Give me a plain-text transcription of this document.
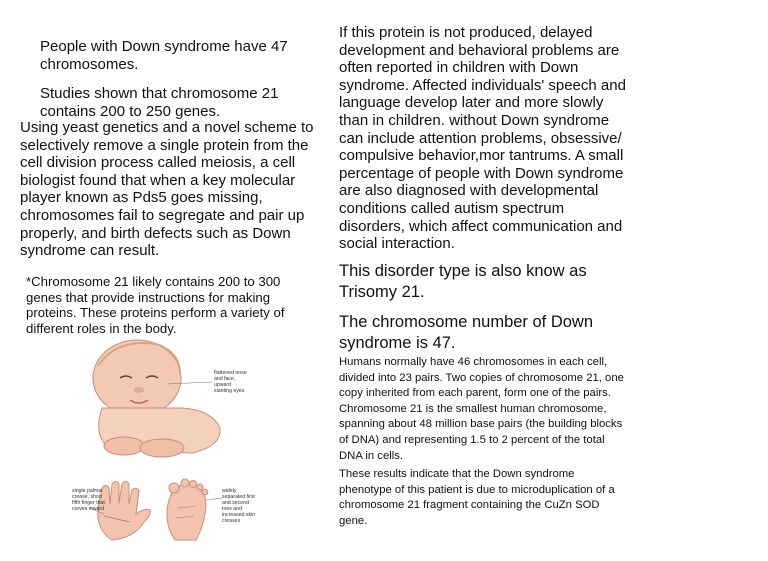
People with Down syndrome have 47 chromosomes.

Studies shown that chromosome 21 contains 200 to 250 genes.

Using yeast genetics and a novel scheme to selectively remove a single protein from the cell division process called meiosis, a cell biologist found that when a key molecular player known as Pds5 goes missing, chromosomes fail to segregate and pair up properly, and birth defects such as Down syndrome can result.

*Chromosome 21 likely contains 200 to 300 genes that provide instructions for making proteins. These proteins perform a variety of different roles in the body.

flattened nose and face, upward slanting eyes
single palmar crease, short fifth finger that curves inward
widely separated first and second toes and increased skin creases

If this protein is not produced, delayed development and behavioral problems are often reported in children with Down syndrome. Affected individuals' speech and language develop later and more slowly than in children. without Down syndrome can include attention problems, obsessive/ compulsive behavior,mor tantrums. A small percentage of people with Down syndrome are also diagnosed with developmental conditions called autism spectrum disorders, which affect communication and social interaction.

This disorder type is also know as Trisomy 21.

The chromosome number of Down syndrome is 47.

Humans normally have 46 chromosomes in each cell, divided into 23 pairs. Two copies of chromosome 21, one copy inherited from each parent, form one of the pairs. Chromosome 21 is the smallest human chromosome, spanning about 48 million base pairs (the building blocks of DNA) and representing 1.5 to 2 percent of the total DNA in cells.

These results indicate that the Down syndrome phenotype of this patient is due to microduplication of a chromosome 21 fragment containing the CuZn SOD gene.
